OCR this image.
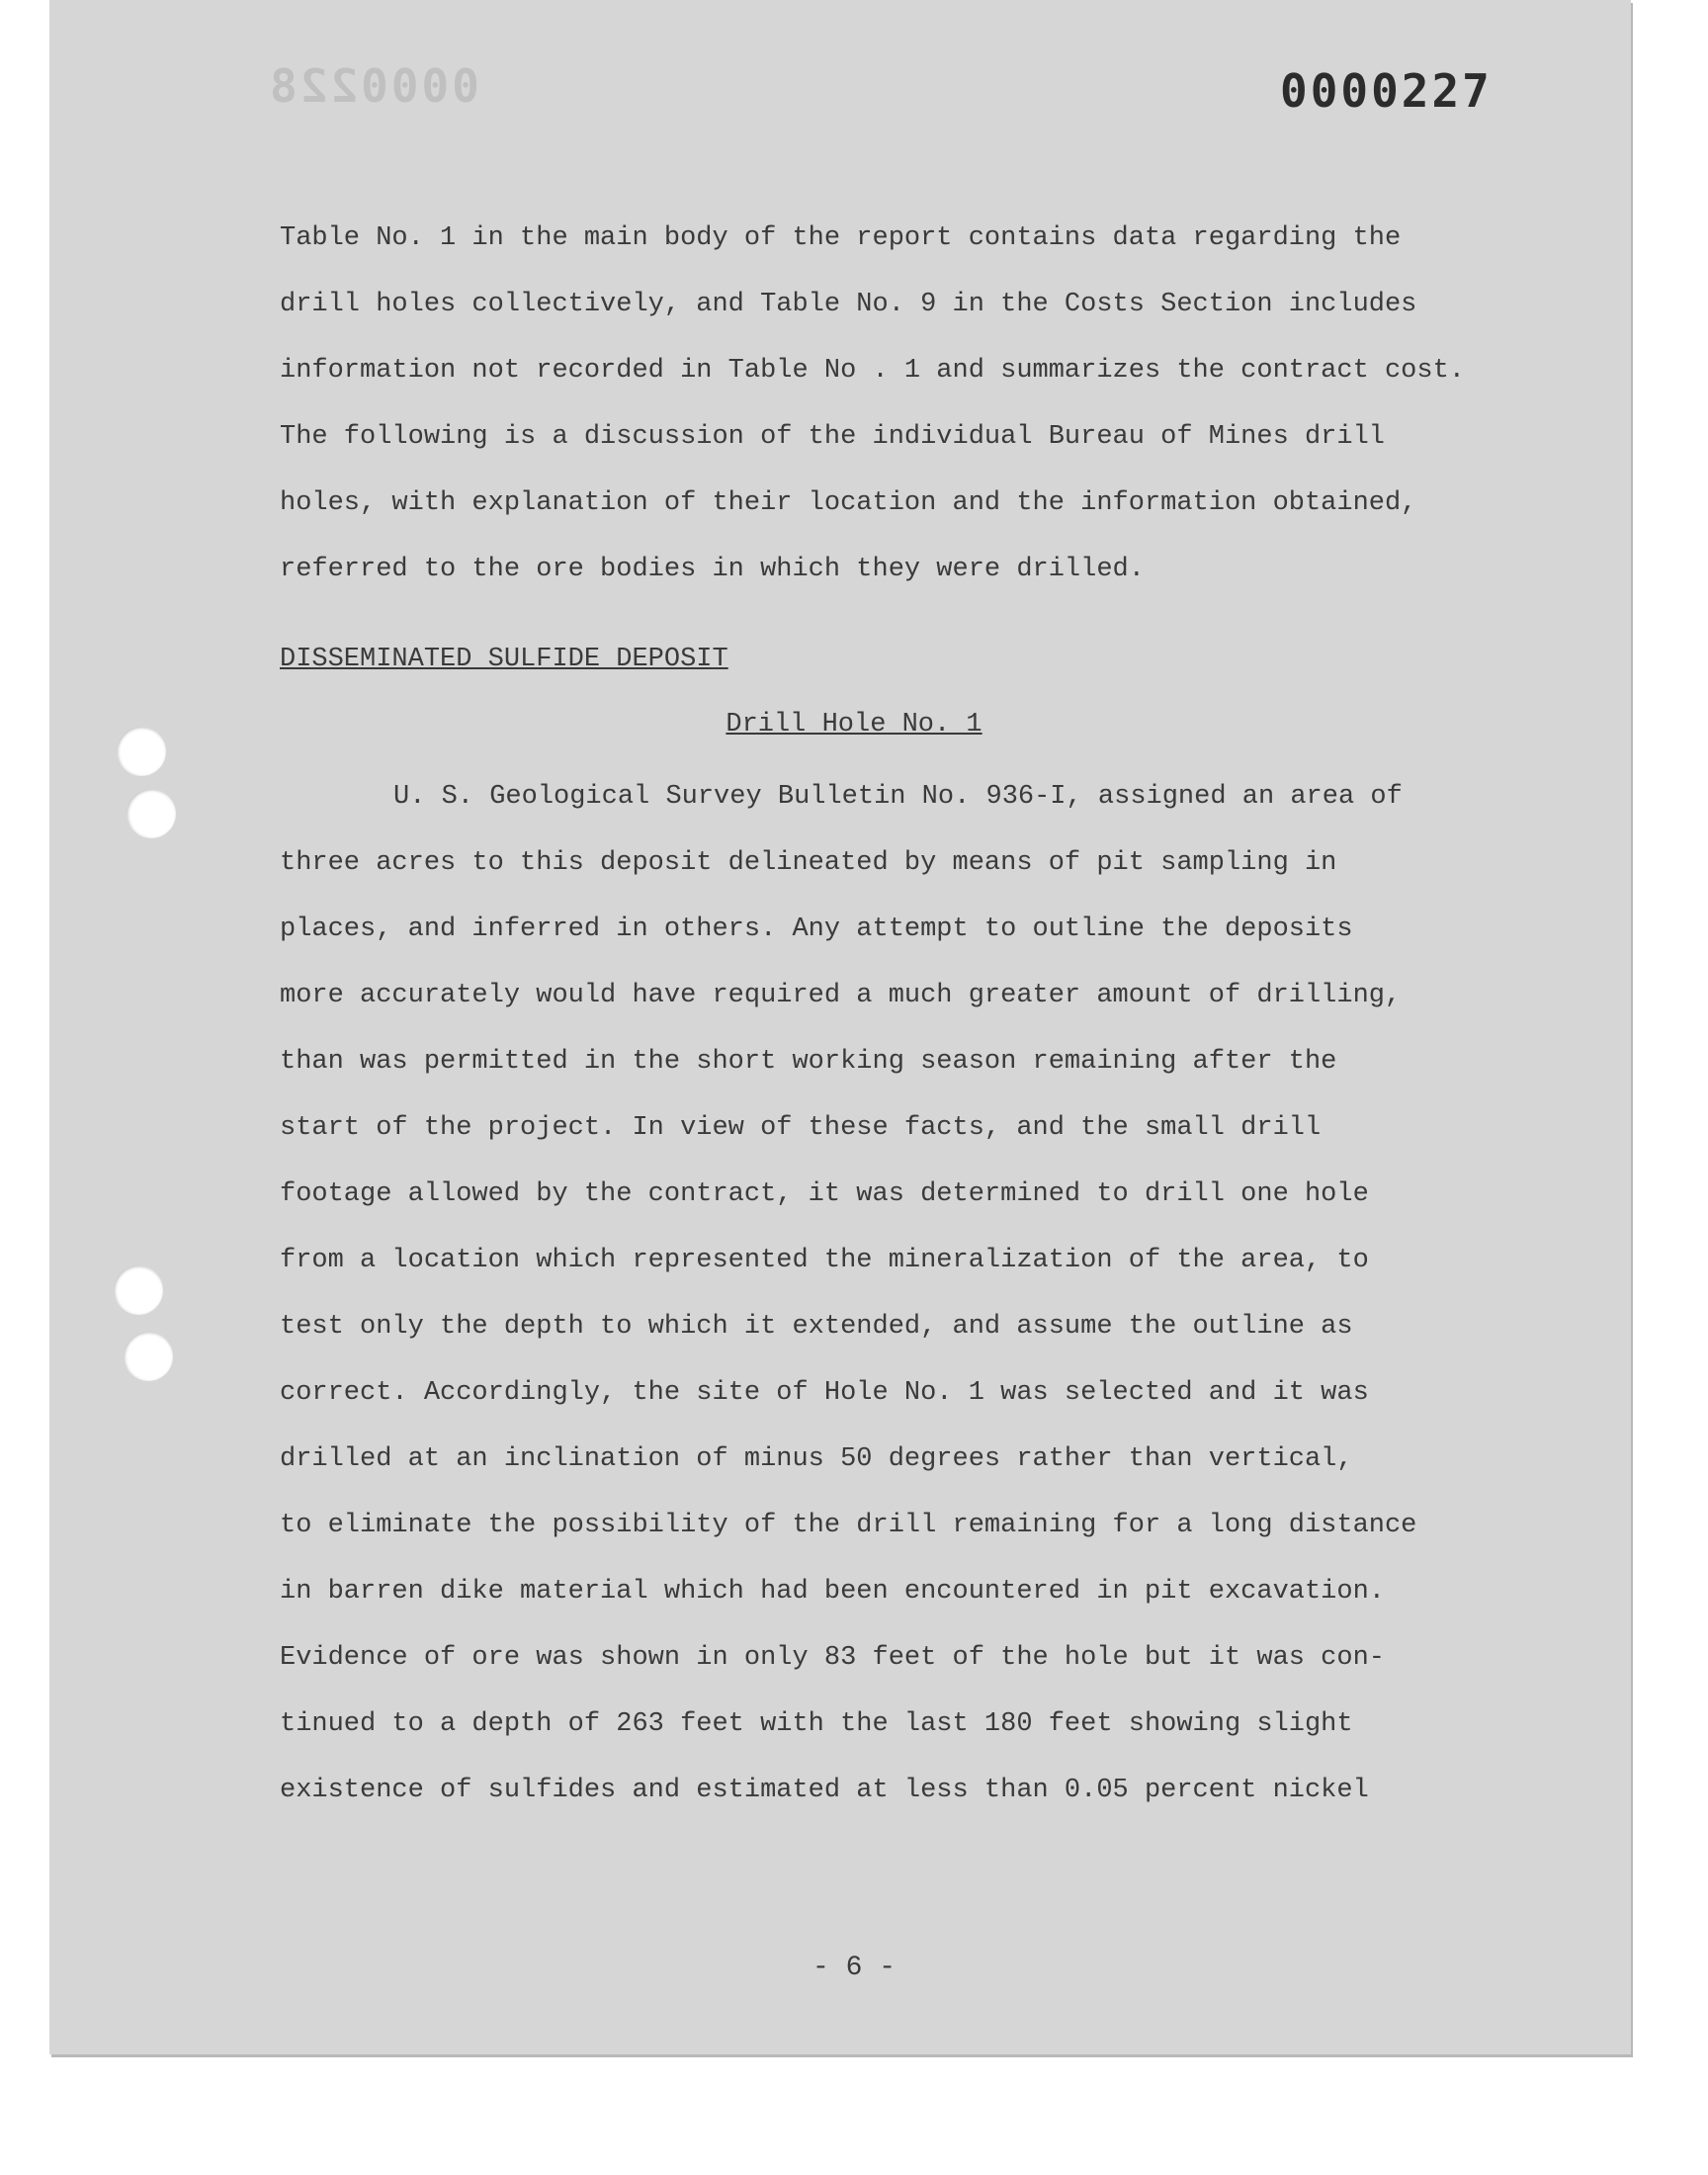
0000228	0000227
Table No. 1 in the main body of the report contains data regarding the
drill holes collectively, and Table No. 9 in the Costs Section includes
information not recorded in Table No . 1 and summarizes the contract cost.
The following is a discussion of the individual Bureau of Mines drill
holes, with explanation of their location and the information obtained,
referred to the ore bodies in which they were drilled.
DISSEMINATED SULFIDE DEPOSIT
Drill Hole No. 1
U. S. Geological Survey Bulletin No. 936-I, assigned an area of
three acres to this deposit delineated by means of pit sampling in
places, and inferred in others. Any attempt to outline the deposits
more accurately would have required a much greater amount of drilling,
than was permitted in the short working season remaining after the
start of the project. In view of these facts, and the small drill
footage allowed by the contract, it was determined to drill one hole
from a location which represented the mineralization of the area, to
test only the depth to which it extended, and assume the outline as
correct. Accordingly, the site of Hole No. 1 was selected and it was
drilled at an inclination of minus 50 degrees rather than vertical,
to eliminate the possibility of the drill remaining for a long distance
in barren dike material which had been encountered in pit excavation.
Evidence of ore was shown in only 83 feet of the hole but it was con-
tinued to a depth of 263 feet with the last 180 feet showing slight
existence of sulfides and estimated at less than 0.05 percent nickel
- 6 -
